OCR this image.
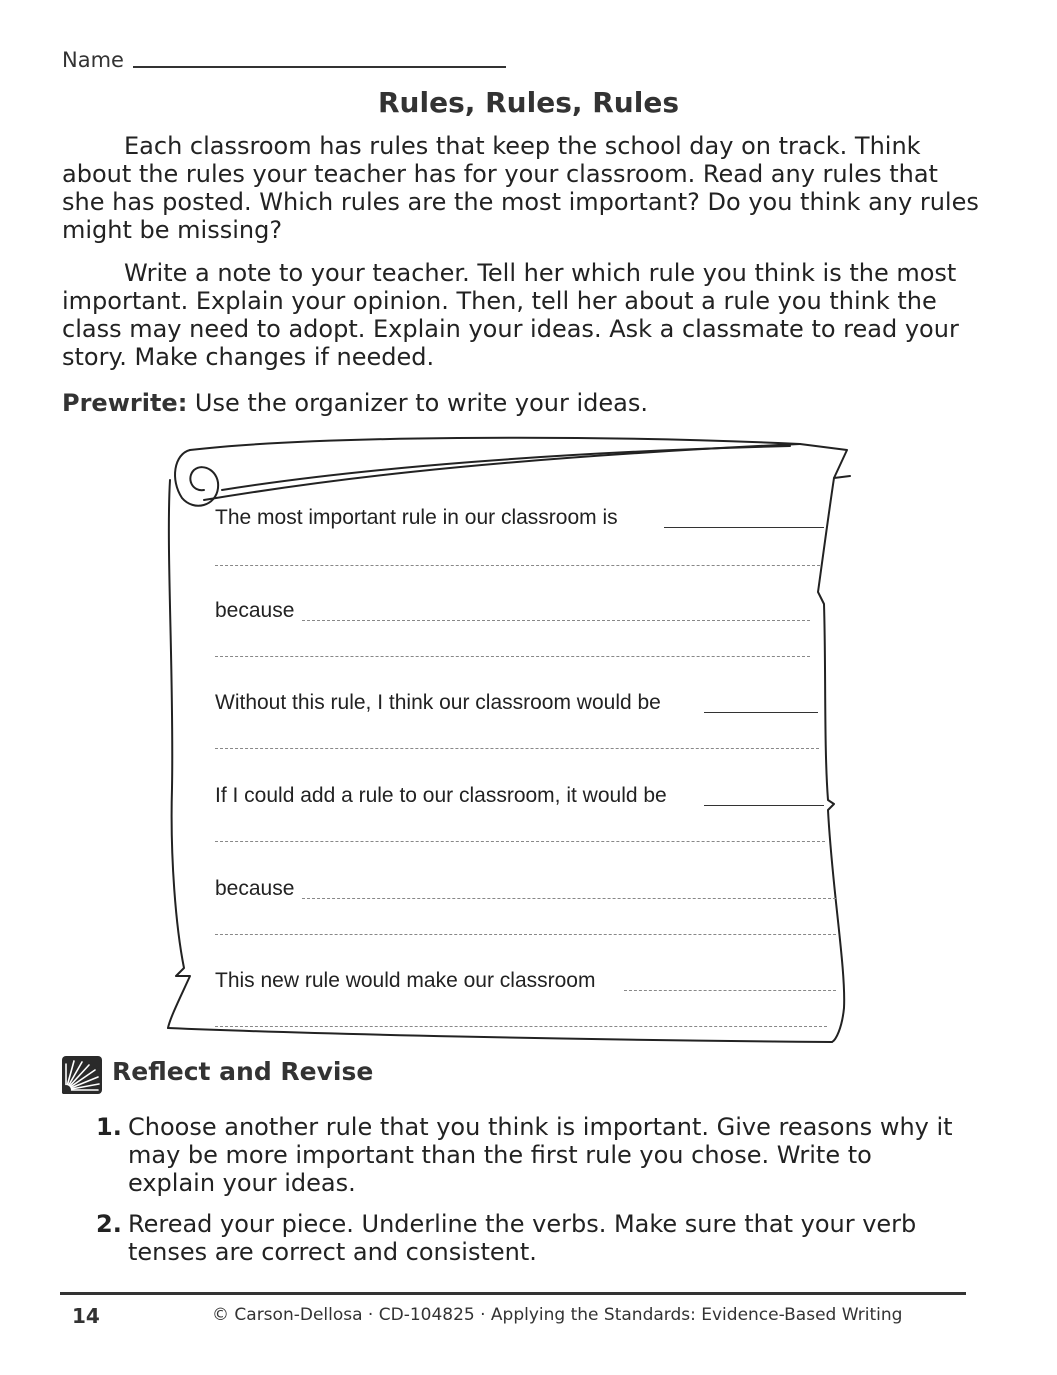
Name
Rules, Rules, Rules
Each classroom has rules that keep the school day on track. Think about the rules your teacher has for your classroom. Read any rules that she has posted. Which rules are the most important? Do you think any rules might be missing?
Write a note to your teacher. Tell her which rule you think is the most important. Explain your opinion. Then, tell her about a rule you think the class may need to adopt. Explain your ideas. Ask a classmate to read your story. Make changes if needed.
Prewrite: Use the organizer to write your ideas.
The most important rule in our classroom is
because
Without this rule, I think our classroom would be
If I could add a rule to our classroom, it would be
because
This new rule would make our classroom
Reflect and Revise
1. Choose another rule that you think is important. Give reasons why it may be more important than the first rule you chose. Write to explain your ideas.
2. Reread your piece. Underline the verbs. Make sure that your verb tenses are correct and consistent.
14	© Carson-Dellosa · CD-104825 · Applying the Standards: Evidence-Based Writing
